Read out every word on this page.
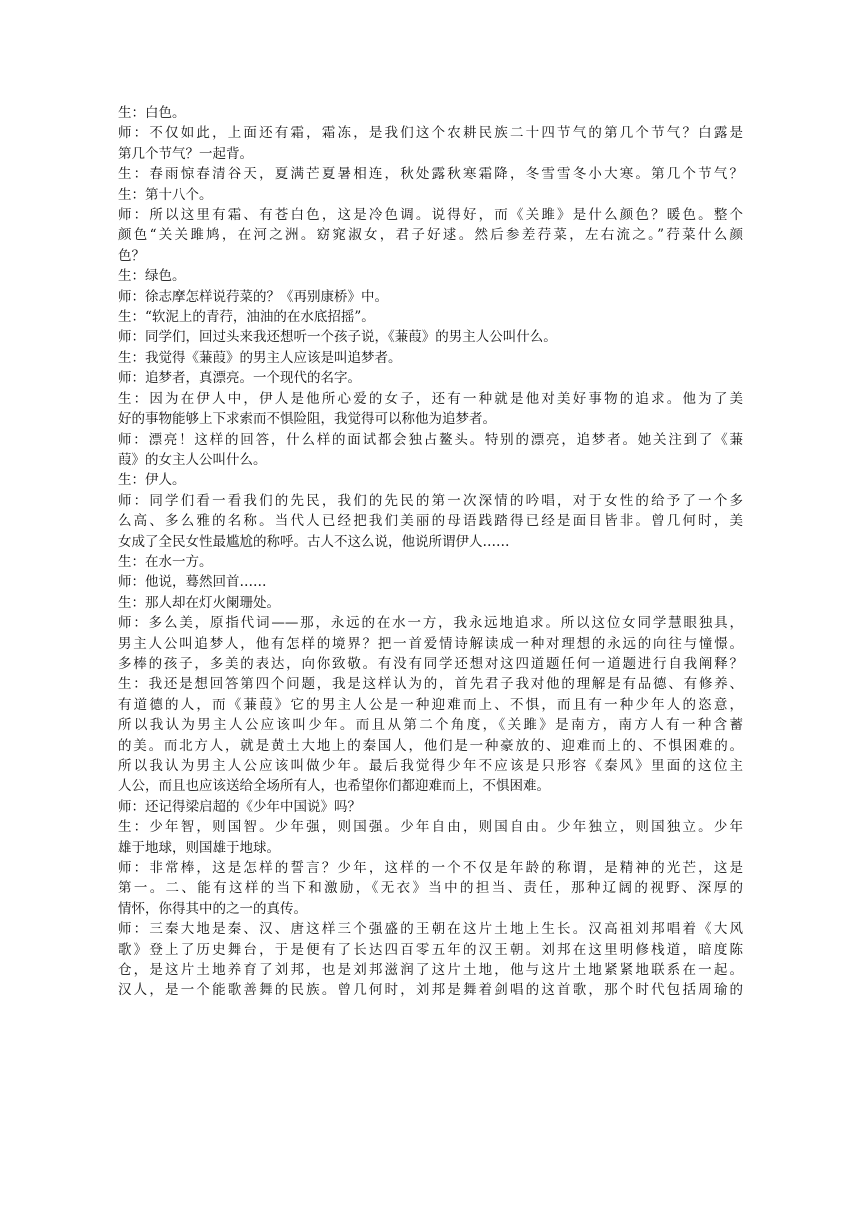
生：白色。

师：不仅如此，上面还有霜，霜冻，是我们这个农耕民族二十四节气的第几个节气？白露是

第几个节气？一起背。

生：春雨惊春清谷天，夏满芒夏暑相连，秋处露秋寒霜降，冬雪雪冬小大寒。第几个节气？

生：第十八个。

师：所以这里有霜、有苍白色，这是冷色调。说得好，而《关雎》是什么颜色？暖色。整个

颜色“关关雎鸠，在河之洲。窈窕淑女，君子好逑。然后参差荇菜，左右流之。”荇菜什么颜

色？

生：绿色。

师：徐志摩怎样说荇菜的？《再别康桥》中。

生：“软泥上的青荇，油油的在水底招摇”。

师：同学们，回过头来我还想听一个孩子说，《蒹葭》的男主人公叫什么。

生：我觉得《蒹葭》的男主人应该是叫追梦者。

师：追梦者，真漂亮。一个现代的名字。

生：因为在伊人中，伊人是他所心爱的女子，还有一种就是他对美好事物的追求。他为了美

好的事物能够上下求索而不惧险阻，我觉得可以称他为追梦者。

师：漂亮！这样的回答，什么样的面试都会独占鳌头。特别的漂亮，追梦者。她关注到了《蒹

葭》的女主人公叫什么。

生：伊人。

师：同学们看一看我们的先民，我们的先民的第一次深情的吟唱，对于女性的给予了一个多

么高、多么雅的名称。当代人已经把我们美丽的母语践踏得已经是面目皆非。曾几何时，美

女成了全民女性最尴尬的称呼。古人不这么说，他说所谓伊人……

生：在水一方。

师：他说，蓦然回首……

生：那人却在灯火阑珊处。

师：多么美，原指代词——那，永远的在水一方，我永远地追求。所以这位女同学慧眼独具，

男主人公叫追梦人，他有怎样的境界？把一首爱情诗解读成一种对理想的永远的向往与憧憬。

多棒的孩子，多美的表达，向你致敬。有没有同学还想对这四道题任何一道题进行自我阐释？

生：我还是想回答第四个问题，我是这样认为的，首先君子我对他的理解是有品德、有修养、

有道德的人，而《蒹葭》它的男主人公是一种迎难而上、不惧，而且有一种少年人的恣意，

所以我认为男主人公应该叫少年。而且从第二个角度，《关雎》是南方，南方人有一种含蓄

的美。而北方人，就是黄土大地上的秦国人，他们是一种豪放的、迎难而上的、不惧困难的。

所以我认为男主人公应该叫做少年。最后我觉得少年不应该是只形容《秦风》里面的这位主

人公，而且也应该送给全场所有人，也希望你们都迎难而上，不惧困难。

师：还记得梁启超的《少年中国说》吗？

生：少年智，则国智。少年强，则国强。少年自由，则国自由。少年独立，则国独立。少年

雄于地球，则国雄于地球。

师：非常棒，这是怎样的誓言？少年，这样的一个不仅是年龄的称谓，是精神的光芒，这是

第一。二、能有这样的当下和激励，《无衣》当中的担当、责任，那种辽阔的视野、深厚的

情怀，你得其中的之一的真传。

师：三秦大地是秦、汉、唐这样三个强盛的王朝在这片土地上生长。汉高祖刘邦唱着《大风

歌》登上了历史舞台，于是便有了长达四百零五年的汉王朝。刘邦在这里明修栈道，暗度陈

仓，是这片土地养育了刘邦，也是刘邦滋润了这片土地，他与这片土地紧紧地联系在一起。

汉人，是一个能歌善舞的民族。曾几何时，刘邦是舞着剑唱的这首歌，那个时代包括周瑜的
